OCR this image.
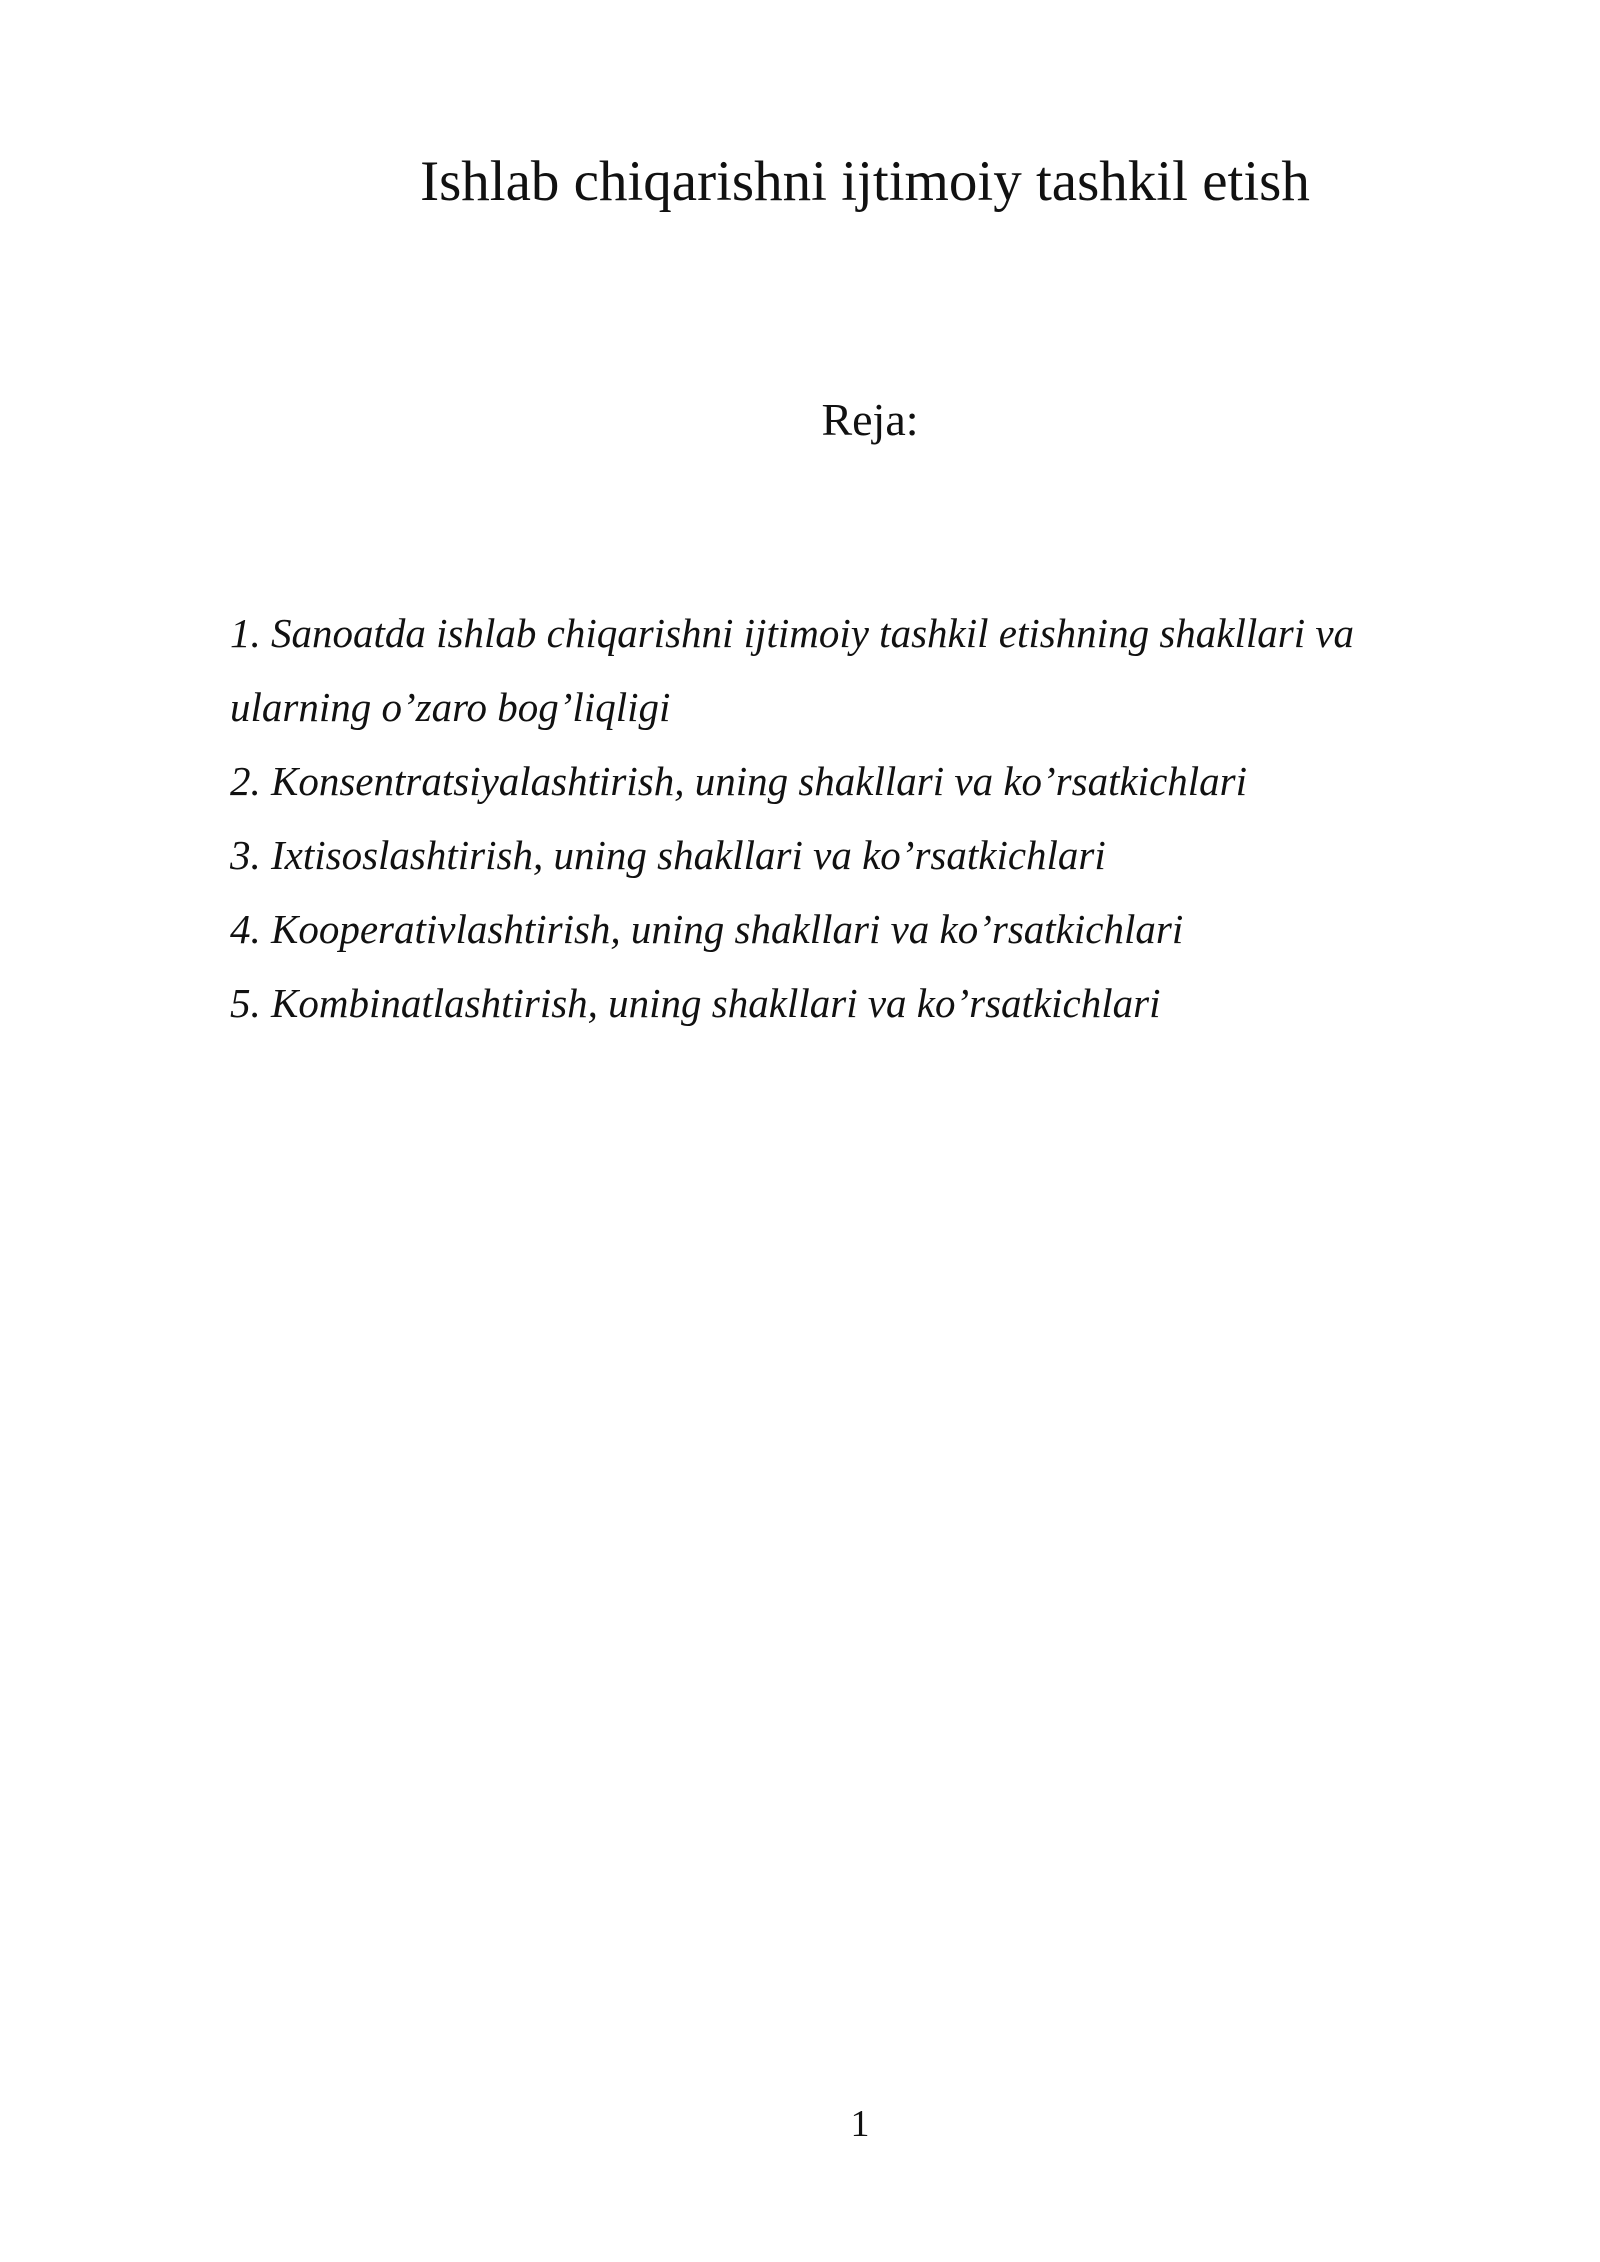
Ishlab chiqarishni ijtimoiy tashkil etish
Reja:
1. Sanoatda ishlab chiqarishni ijtimoiy tashkil etishning shakllari va
ularning o’zaro bog’liqligi
2. Konsentratsiyalashtirish, uning shakllari va ko’rsatkichlari
3. Ixtisoslashtirish, uning shakllari va ko’rsatkichlari
4. Kooperativlashtirish, uning shakllari va ko’rsatkichlari
5. Kombinatlashtirish, uning shakllari va ko’rsatkichlari
1
